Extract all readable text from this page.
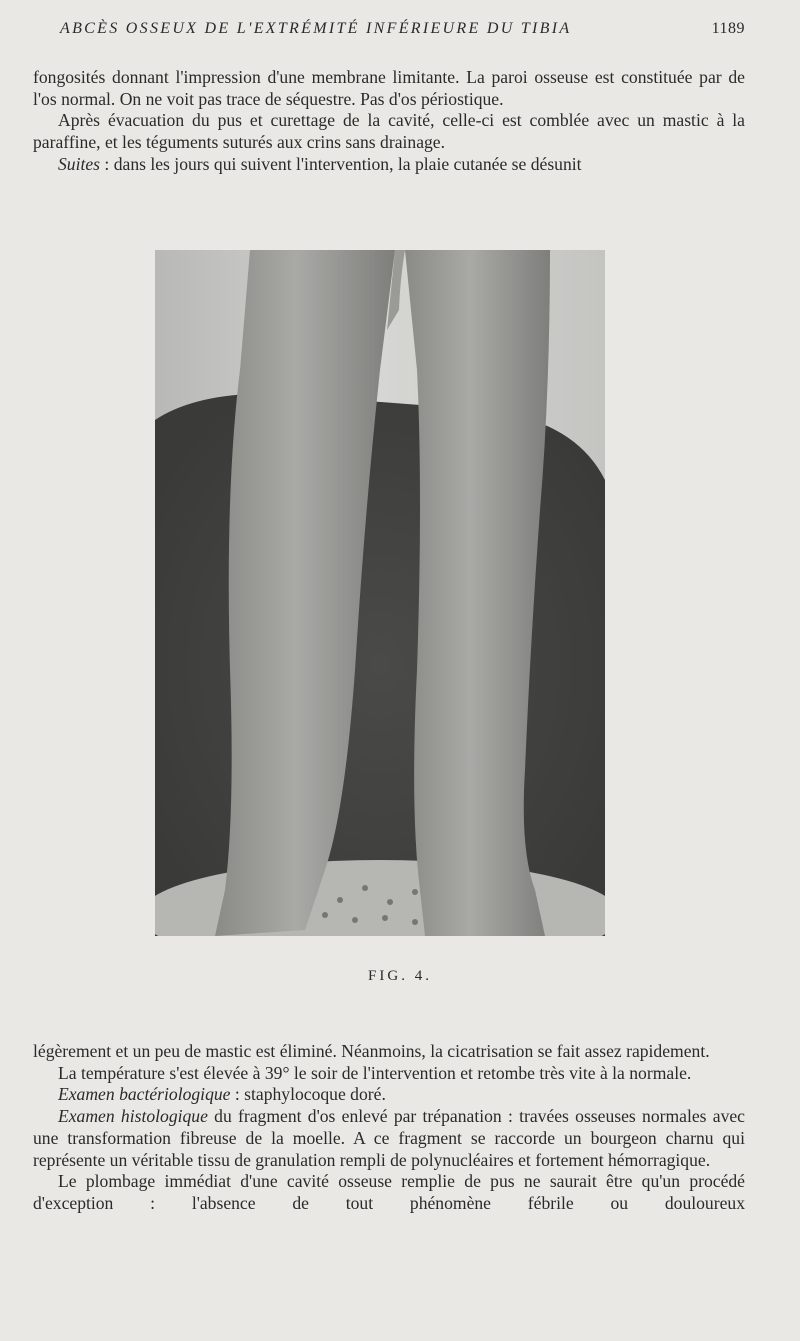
ABCÈS OSSEUX DE L'EXTRÉMITÉ INFÉRIEURE DU TIBIA	1189

fongosités donnant l'impression d'une membrane limitante. La paroi osseuse est constituée par de l'os normal. On ne voit pas trace de séquestre. Pas d'os périostique.

Après évacuation du pus et curettage de la cavité, celle-ci est comblée avec un mastic à la paraffine, et les téguments suturés aux crins sans drainage.

Suites : dans les jours qui suivent l'intervention, la plaie cutanée se désunit

FIG. 4.

légèrement et un peu de mastic est éliminé. Néanmoins, la cicatrisation se fait assez rapidement.

La température s'est élevée à 39° le soir de l'intervention et retombe très vite à la normale.

Examen bactériologique : staphylocoque doré.

Examen histologique du fragment d'os enlevé par trépanation : travées osseuses normales avec une transformation fibreuse de la moelle. A ce fragment se raccorde un bourgeon charnu qui représente un véritable tissu de granulation rempli de polynucléaires et fortement hémorragique.

Le plombage immédiat d'une cavité osseuse remplie de pus ne saurait être qu'un procédé d'exception : l'absence de tout phénomène fébrile ou douloureux
